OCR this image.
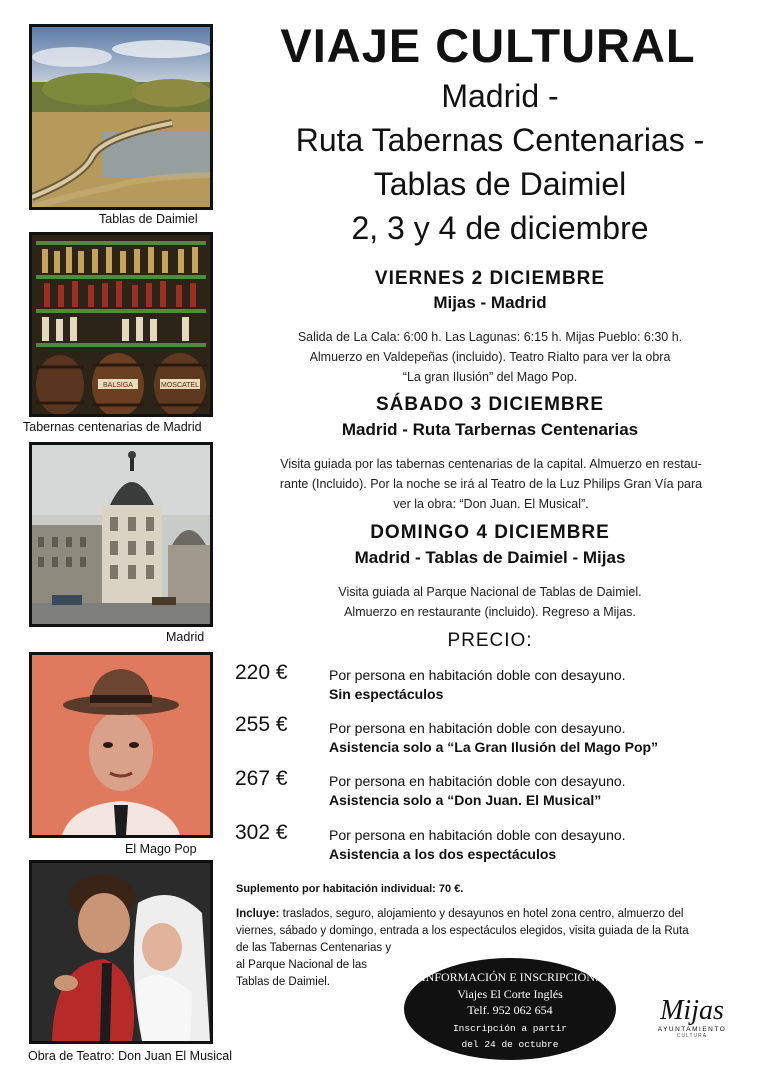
Tablas de Daimiel
BALSIGA	MOSCATEL
Tabernas centenarias de Madrid
Madrid
El Mago Pop
Obra de Teatro: Don Juan El Musical
VIAJE CULTURAL
Madrid -
Ruta Tabernas Centenarias -
Tablas de Daimiel
2, 3 y 4 de diciembre
VIERNES 2 DICIEMBRE
Mijas - Madrid
Salida de La Cala: 6:00 h. Las Lagunas: 6:15 h. Mijas Pueblo: 6:30 h.
Almuerzo en Valdepeñas (incluido). Teatro Rialto para ver la obra
“La gran Ilusión” del Mago Pop.
SÁBADO 3 DICIEMBRE
Madrid - Ruta Tarbernas Centenarias
Visita guiada por las tabernas centenarias de la capital. Almuerzo en restau-
rante (Incluido). Por la noche se irá al Teatro de la Luz Philips Gran Vía para
ver la obra: “Don Juan. El Musical”.
DOMINGO 4 DICIEMBRE
Madrid - Tablas de Daimiel - Mijas
Visita guiada al Parque Nacional de Tablas de Daimiel.
Almuerzo en restaurante (incluido). Regreso a Mijas.
PRECIO:
220 €	Por persona en habitación doble con desayuno.
Sin espectáculos
255 €	Por persona en habitación doble con desayuno.
Asistencia solo a “La Gran Ilusión del Mago Pop”
267 €	Por persona en habitación doble con desayuno.
Asistencia solo a “Don Juan. El Musical”
302 €	Por persona en habitación doble con desayuno.
Asistencia a los dos espectáculos
Suplemento por habitación individual: 70 €.
Incluye: traslados, seguro, alojamiento y desayunos en hotel zona centro, almuerzo del
viernes, sábado y domingo, entrada a los espectáculos elegidos, visita guiada de la Ruta
de las Tabernas Centenarias y
al Parque Nacional de las
Tablas de Daimiel.	INFORMACIÓN E INSCRIPCIÓN:
Viajes El Corte Inglés
Telf. 952 062 654
Inscripción a partir
del 24 de octubre
Mijas
AYUNTAMIENTO
CULTURA
